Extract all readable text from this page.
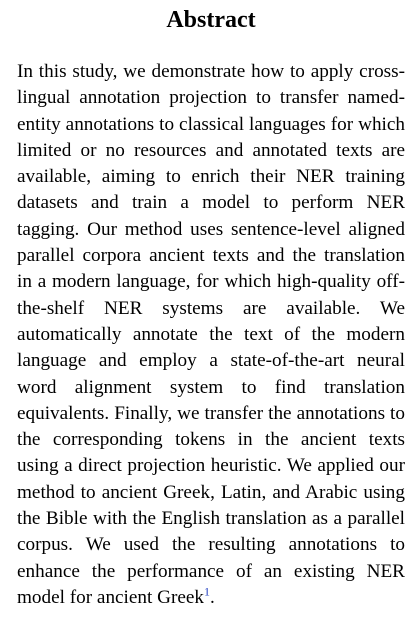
Abstract

In this study, we demonstrate how to apply cross-lingual annotation projection to transfer named-entity annotations to classical languages for which limited or no resources and annotated texts are available, aiming to enrich their NER training datasets and train a model to perform NER tagging. Our method uses sentence-level aligned parallel corpora ancient texts and the translation in a modern language, for which high-quality off-the-shelf NER systems are available. We automatically annotate the text of the modern language and employ a state-of-the-art neural word alignment system to find translation equivalents. Finally, we transfer the annotations to the corresponding tokens in the ancient texts using a direct projection heuristic. We applied our method to ancient Greek, Latin, and Arabic using the Bible with the English translation as a parallel corpus. We used the resulting annotations to enhance the performance of an existing NER model for ancient Greek$^1$.
